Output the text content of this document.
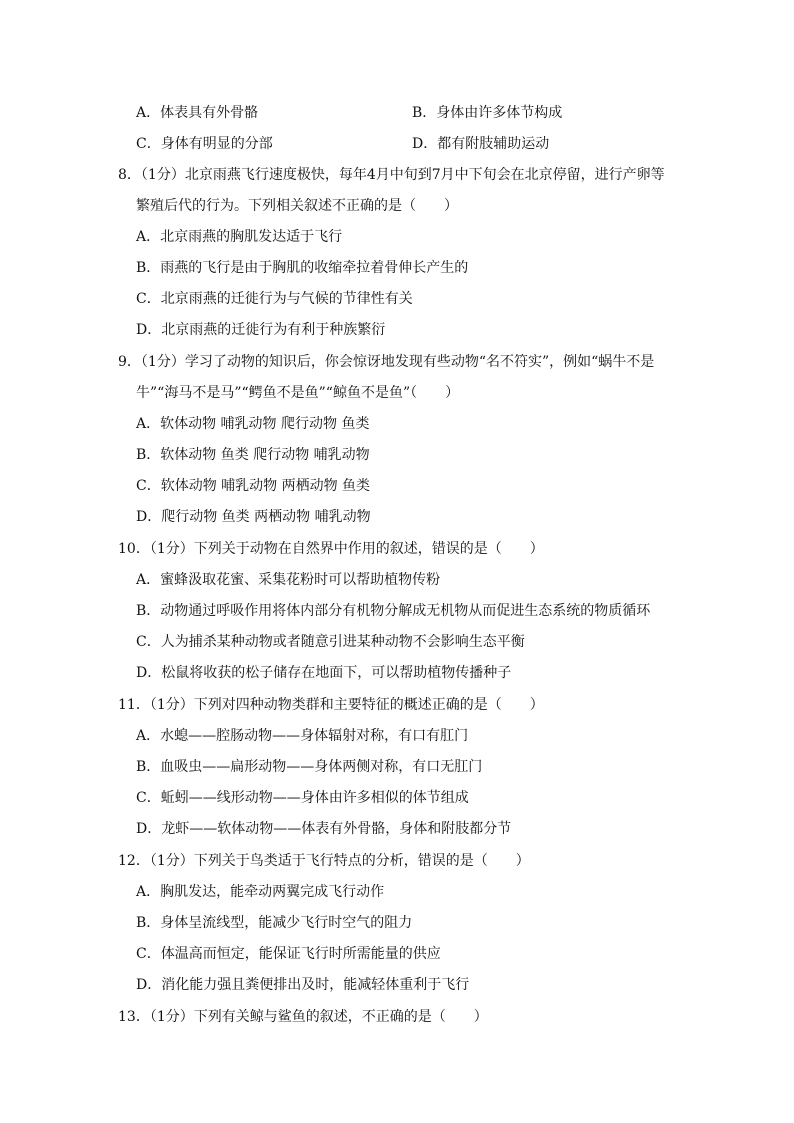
A．体表具有外骨骼	B．身体由许多体节构成
C．身体有明显的分部	D．都有附肢辅助运动
8．（1分）北京雨燕飞行速度极快，每年4月中旬到7月中下旬会在北京停留，进行产卵等
繁殖后代的行为。下列相关叙述不正确的是（　　）
A．北京雨燕的胸肌发达适于飞行
B．雨燕的飞行是由于胸肌的收缩牵拉着骨伸长产生的
C．北京雨燕的迁徙行为与气候的节律性有关
D．北京雨燕的迁徙行为有利于种族繁衍
9．（1分）学习了动物的知识后，你会惊讶地发现有些动物“名不符实”，例如“蜗牛不是
牛”“海马不是马”“鳄鱼不是鱼”“鲸鱼不是鱼”（　　）
A．软体动物 哺乳动物 爬行动物 鱼类
B．软体动物 鱼类 爬行动物 哺乳动物
C．软体动物 哺乳动物 两栖动物 鱼类
D．爬行动物 鱼类 两栖动物 哺乳动物
10．（1分）下列关于动物在自然界中作用的叙述，错误的是（　　）
A．蜜蜂汲取花蜜、采集花粉时可以帮助植物传粉
B．动物通过呼吸作用将体内部分有机物分解成无机物从而促进生态系统的物质循环
C．人为捕杀某种动物或者随意引进某种动物不会影响生态平衡
D．松鼠将收获的松子储存在地面下，可以帮助植物传播种子
11．（1分）下列对四种动物类群和主要特征的概述正确的是（　　）
A．水螅——腔肠动物——身体辐射对称，有口有肛门
B．血吸虫——扁形动物——身体两侧对称，有口无肛门
C．蚯蚓——线形动物——身体由许多相似的体节组成
D．龙虾——软体动物——体表有外骨骼，身体和附肢都分节
12．（1分）下列关于鸟类适于飞行特点的分析，错误的是（　　）
A．胸肌发达，能牵动两翼完成飞行动作
B．身体呈流线型，能减少飞行时空气的阻力
C．体温高而恒定，能保证飞行时所需能量的供应
D．消化能力强且粪便排出及时，能减轻体重利于飞行
13．（1分）下列有关鲸与鲨鱼的叙述，不正确的是（　　）
